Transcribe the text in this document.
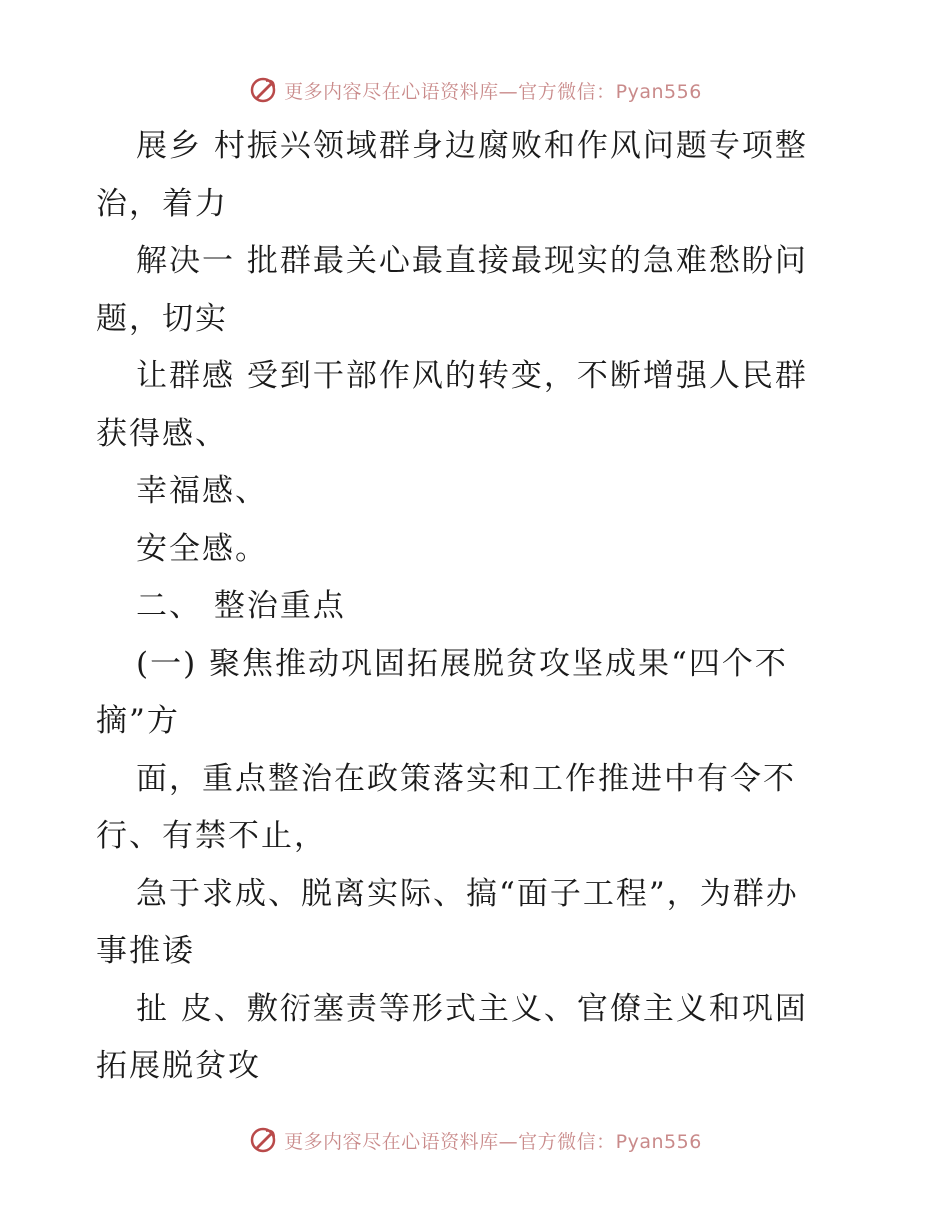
更多内容尽在心语资料库—官方微信：Pyan556
展乡 村振兴领域群身边腐败和作风问题专项整
治，着力
解决一 批群最关心最直接最现实的急难愁盼问
题，切实
让群感 受到干部作风的转变，不断增强人民群
获得感、
幸福感、
安全感。
二、 整治重点
(一) 聚焦推动巩固拓展脱贫攻坚成果“四个不
摘”方
面，重点整治在政策落实和工作推进中有令不
行、有禁不止，
急于求成、脱离实际、搞“面子工程”，为群办
事推诿
扯 皮、敷衍塞责等形式主义、官僚主义和巩固
拓展脱贫攻
更多内容尽在心语资料库—官方微信：Pyan556
